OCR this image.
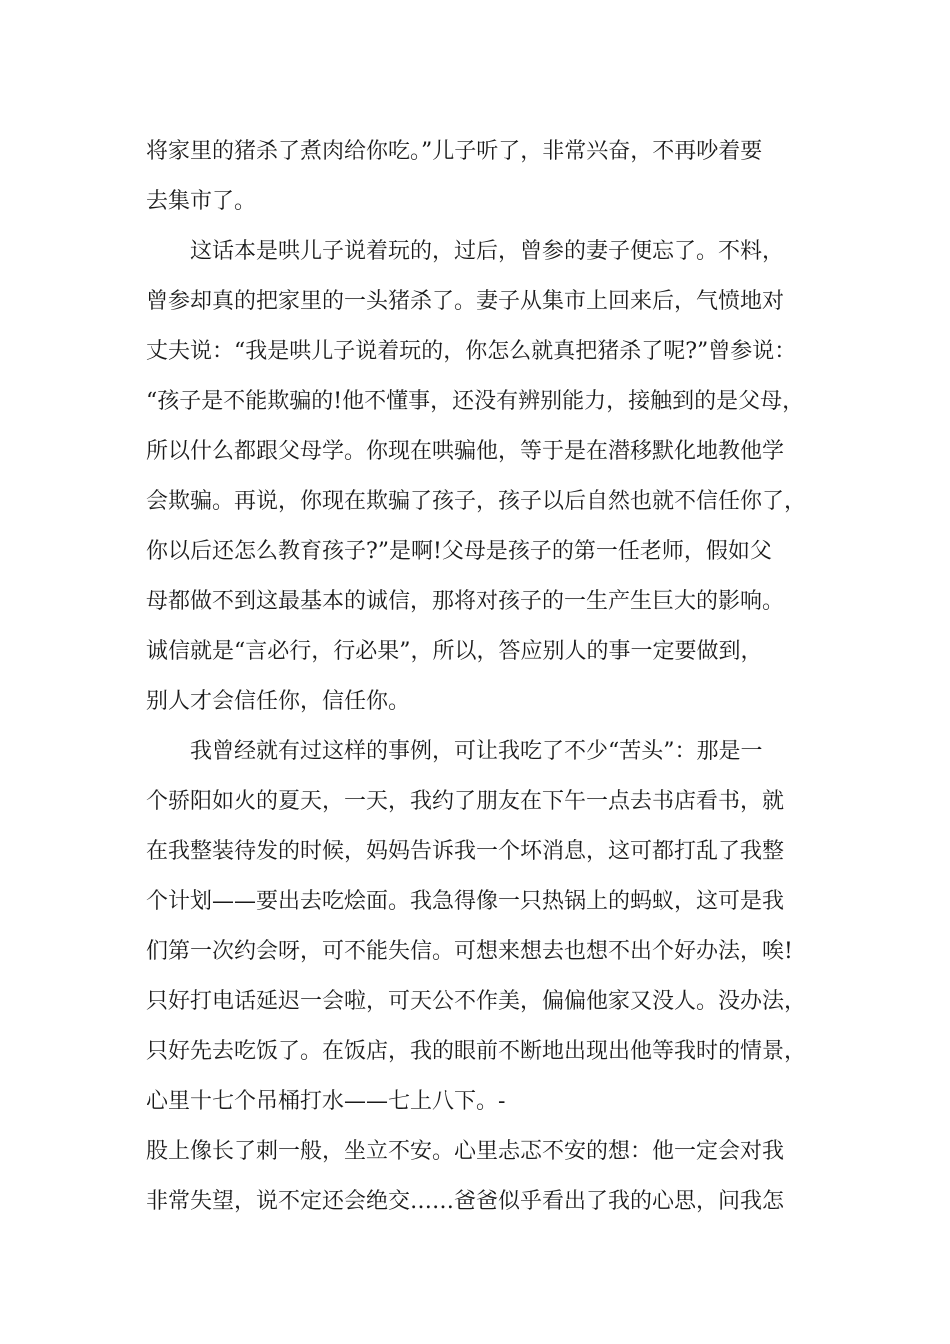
将家里的猪杀了煮肉给你吃。”儿子听了，非常兴奋，不再吵着要
去集市了。
这话本是哄儿子说着玩的，过后，曾参的妻子便忘了。不料，
曾参却真的把家里的一头猪杀了。妻子从集市上回来后，气愤地对
丈夫说：“我是哄儿子说着玩的，你怎么就真把猪杀了呢?”曾参说：
“孩子是不能欺骗的!他不懂事，还没有辨别能力，接触到的是父母，
所以什么都跟父母学。你现在哄骗他，等于是在潜移默化地教他学
会欺骗。再说，你现在欺骗了孩子，孩子以后自然也就不信任你了，
你以后还怎么教育孩子?”是啊!父母是孩子的第一任老师，假如父
母都做不到这最基本的诚信，那将对孩子的一生产生巨大的影响。
诚信就是“言必行，行必果”，所以，答应别人的事一定要做到，
别人才会信任你，信任你。
我曾经就有过这样的事例，可让我吃了不少“苦头”：那是一
个骄阳如火的夏天，一天，我约了朋友在下午一点去书店看书，就
在我整装待发的时候，妈妈告诉我一个坏消息，这可都打乱了我整
个计划——要出去吃烩面。我急得像一只热锅上的蚂蚁，这可是我
们第一次约会呀，可不能失信。可想来想去也想不出个好办法，唉!
只好打电话延迟一会啦，可天公不作美，偏偏他家又没人。没办法，
只好先去吃饭了。在饭店，我的眼前不断地出现出他等我时的情景，
心里十七个吊桶打水——七上八下。-
股上像长了刺一般，坐立不安。心里忐忑不安的想：他一定会对我
非常失望，说不定还会绝交……爸爸似乎看出了我的心思，问我怎
